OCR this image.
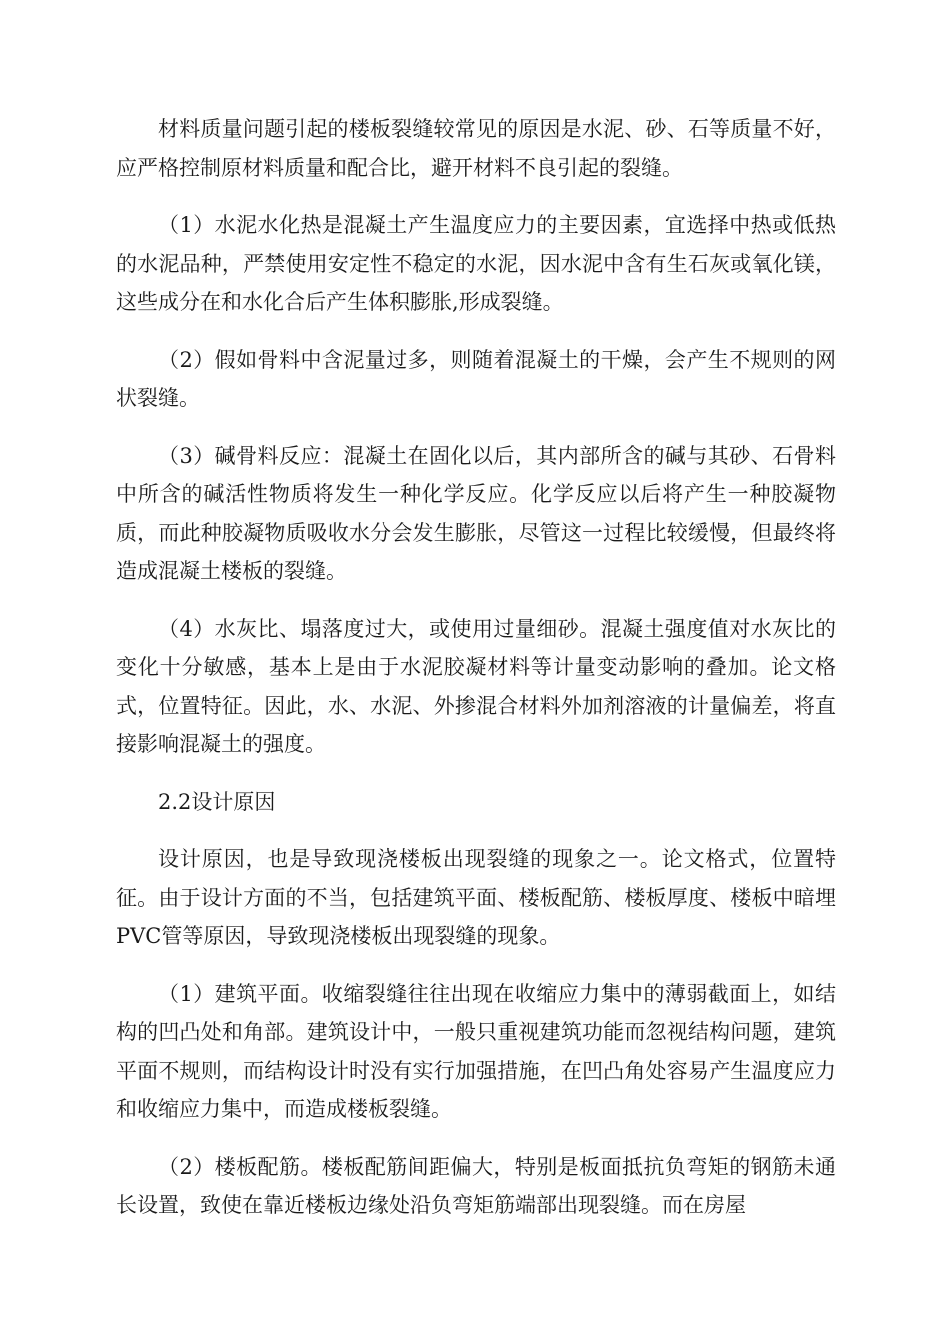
材料质量问题引起的楼板裂缝较常见的原因是水泥、砂、石等质量不好，应严格控制原材料质量和配合比，避开材料不良引起的裂缝。

（1）水泥水化热是混凝土产生温度应力的主要因素，宜选择中热或低热的水泥品种，严禁使用安定性不稳定的水泥，因水泥中含有生石灰或氧化镁，这些成分在和水化合后产生体积膨胀,形成裂缝。

（2）假如骨料中含泥量过多，则随着混凝土的干燥，会产生不规则的网状裂缝。

（3）碱骨料反应：混凝土在固化以后，其内部所含的碱与其砂、石骨料中所含的碱活性物质将发生一种化学反应。化学反应以后将产生一种胶凝物质，而此种胶凝物质吸收水分会发生膨胀，尽管这一过程比较缓慢，但最终将造成混凝土楼板的裂缝。

（4）水灰比、塌落度过大，或使用过量细砂。混凝土强度值对水灰比的变化十分敏感，基本上是由于水泥胶凝材料等计量变动影响的叠加。论文格式，位置特征。因此，水、水泥、外掺混合材料外加剂溶液的计量偏差，将直接影响混凝土的强度。

2.2设计原因

设计原因，也是导致现浇楼板出现裂缝的现象之一。论文格式，位置特征。由于设计方面的不当，包括建筑平面、楼板配筋、楼板厚度、楼板中暗埋PVC管等原因，导致现浇楼板出现裂缝的现象。

（1）建筑平面。收缩裂缝往往出现在收缩应力集中的薄弱截面上，如结构的凹凸处和角部。建筑设计中，一般只重视建筑功能而忽视结构问题，建筑平面不规则，而结构设计时没有实行加强措施，在凹凸角处容易产生温度应力和收缩应力集中，而造成楼板裂缝。

（2）楼板配筋。楼板配筋间距偏大，特别是板面抵抗负弯矩的钢筋未通长设置，致使在靠近楼板边缘处沿负弯矩筋端部出现裂缝。而在房屋
